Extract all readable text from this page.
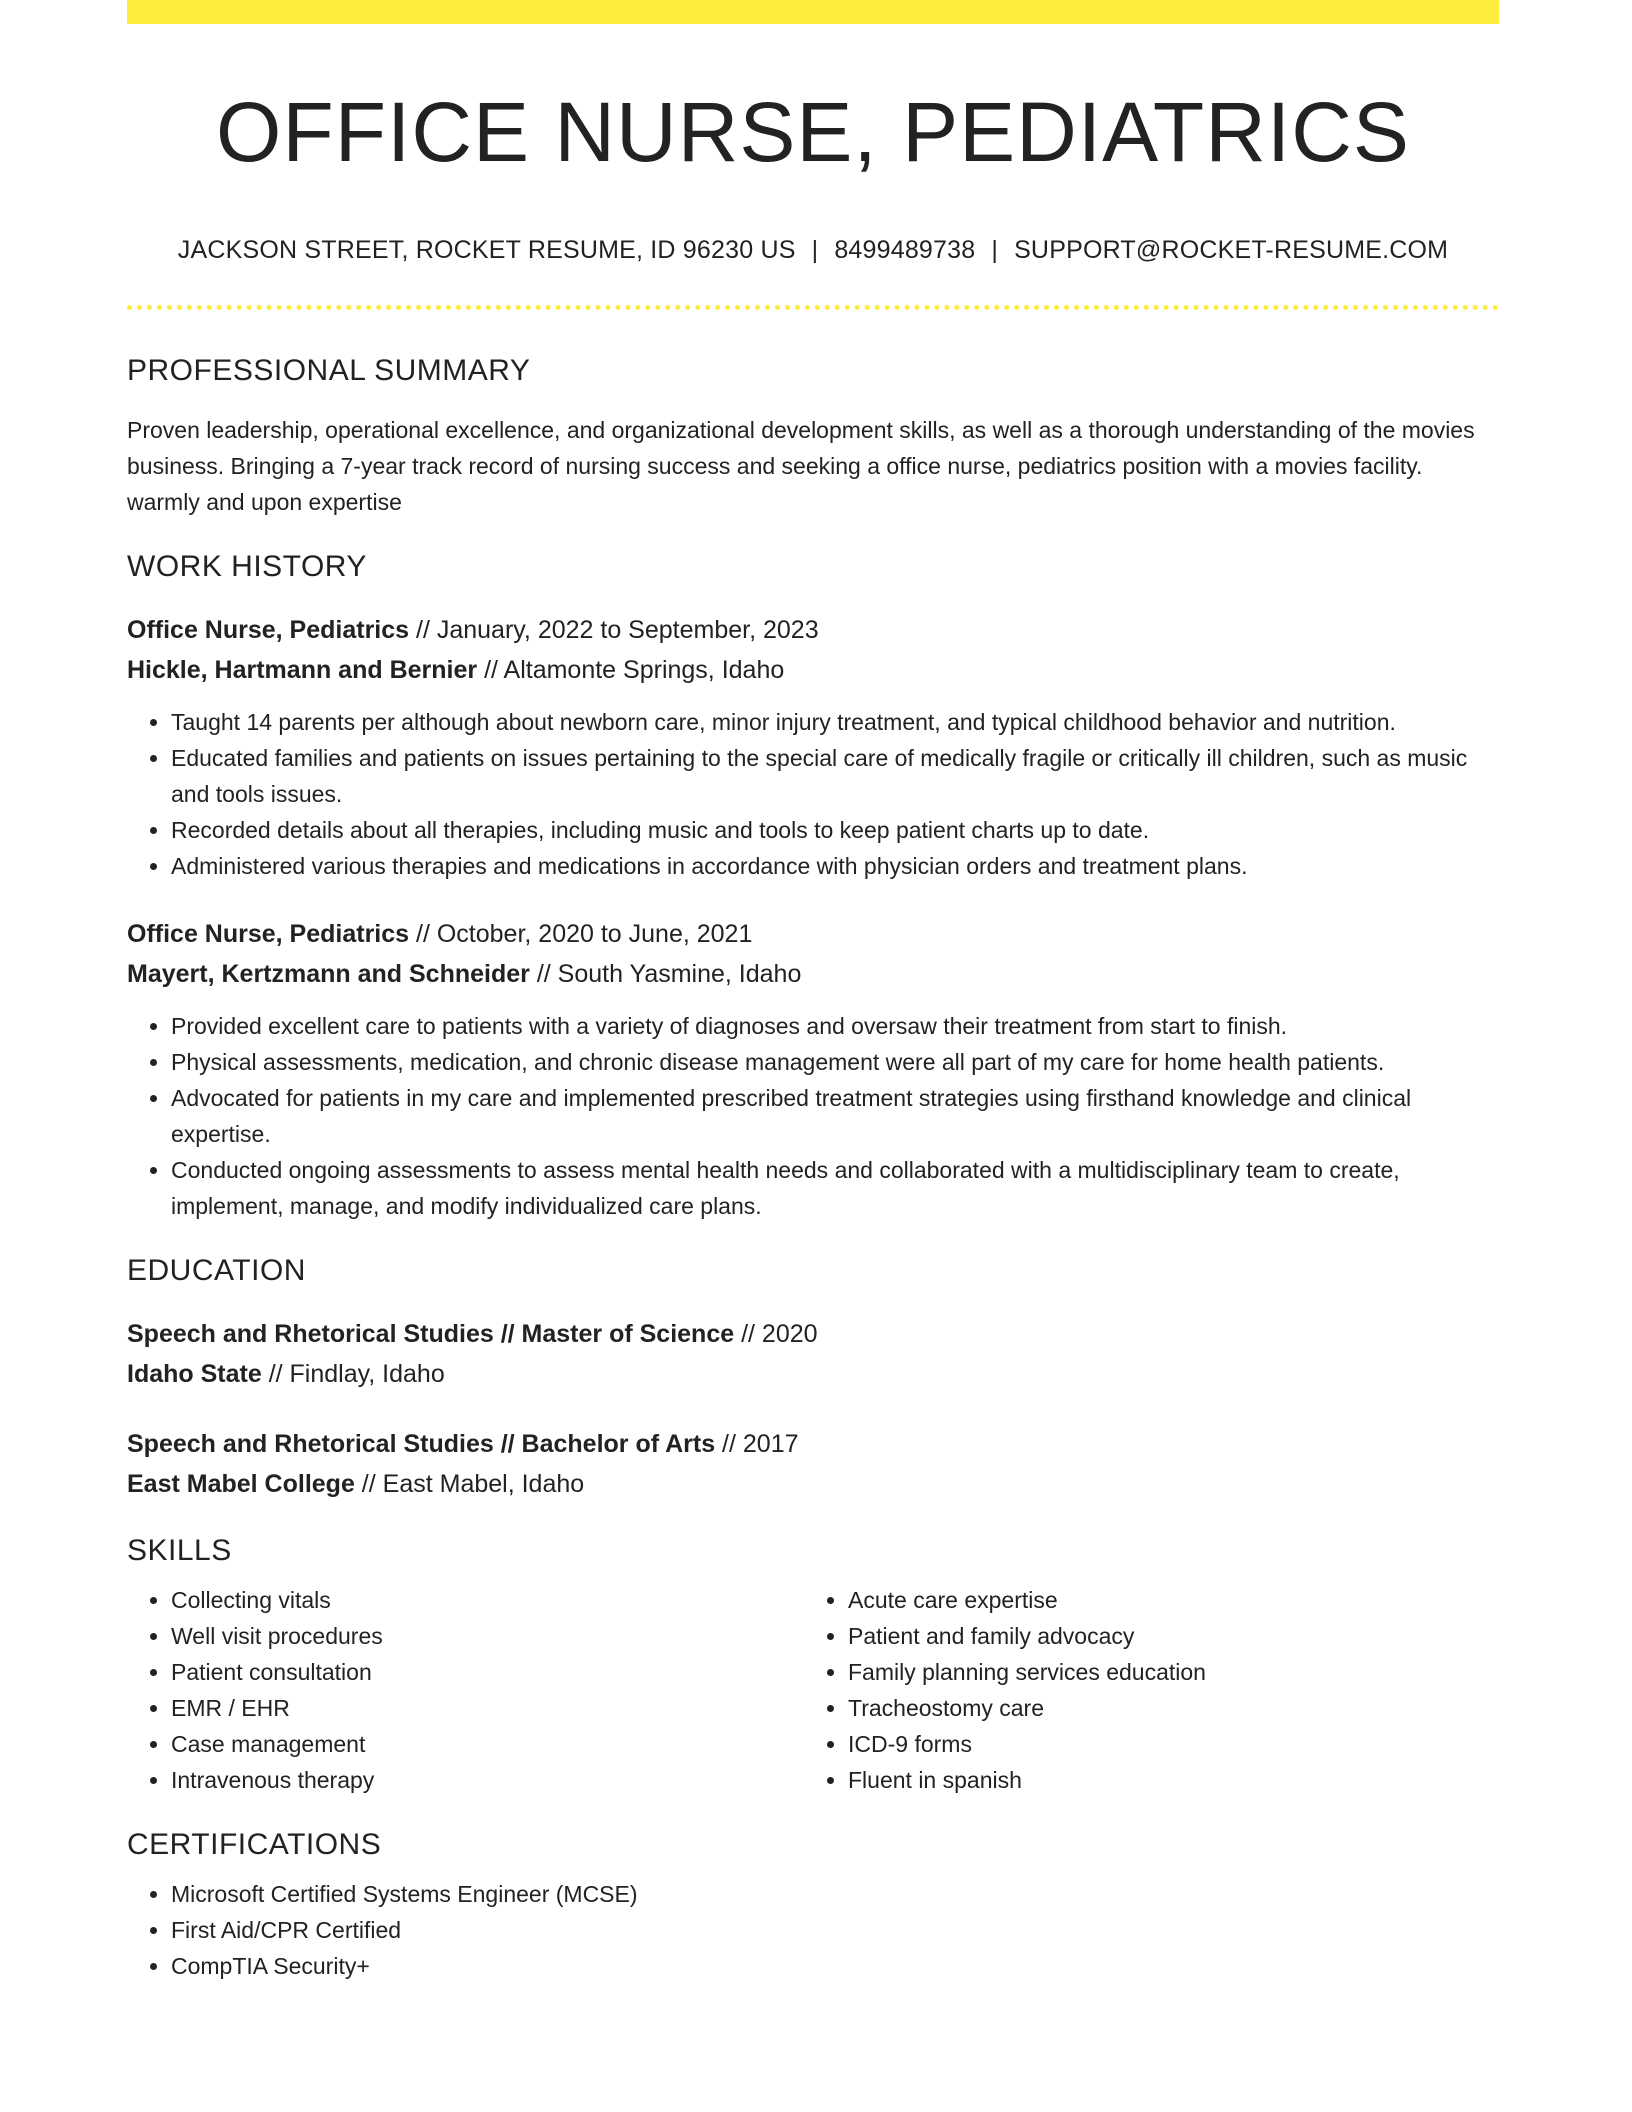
OFFICE NURSE, PEDIATRICS
JACKSON STREET, ROCKET RESUME, ID 96230 US | 8499489738 | SUPPORT@ROCKET-RESUME.COM
PROFESSIONAL SUMMARY
Proven leadership, operational excellence, and organizational development skills, as well as a thorough understanding of the movies business. Bringing a 7-year track record of nursing success and seeking a office nurse, pediatrics position with a movies facility. warmly and upon expertise
WORK HISTORY
Office Nurse, Pediatrics // January, 2022 to September, 2023
Hickle, Hartmann and Bernier // Altamonte Springs, Idaho
• Taught 14 parents per although about newborn care, minor injury treatment, and typical childhood behavior and nutrition.
• Educated families and patients on issues pertaining to the special care of medically fragile or critically ill children, such as music and tools issues.
• Recorded details about all therapies, including music and tools to keep patient charts up to date.
• Administered various therapies and medications in accordance with physician orders and treatment plans.
Office Nurse, Pediatrics // October, 2020 to June, 2021
Mayert, Kertzmann and Schneider // South Yasmine, Idaho
• Provided excellent care to patients with a variety of diagnoses and oversaw their treatment from start to finish.
• Physical assessments, medication, and chronic disease management were all part of my care for home health patients.
• Advocated for patients in my care and implemented prescribed treatment strategies using firsthand knowledge and clinical expertise.
• Conducted ongoing assessments to assess mental health needs and collaborated with a multidisciplinary team to create, implement, manage, and modify individualized care plans.
EDUCATION
Speech and Rhetorical Studies // Master of Science // 2020
Idaho State // Findlay, Idaho
Speech and Rhetorical Studies // Bachelor of Arts // 2017
East Mabel College // East Mabel, Idaho
SKILLS
• Collecting vitals
• Well visit procedures
• Patient consultation
• EMR / EHR
• Case management
• Intravenous therapy
• Acute care expertise
• Patient and family advocacy
• Family planning services education
• Tracheostomy care
• ICD-9 forms
• Fluent in spanish
CERTIFICATIONS
• Microsoft Certified Systems Engineer (MCSE)
• First Aid/CPR Certified
• CompTIA Security+
